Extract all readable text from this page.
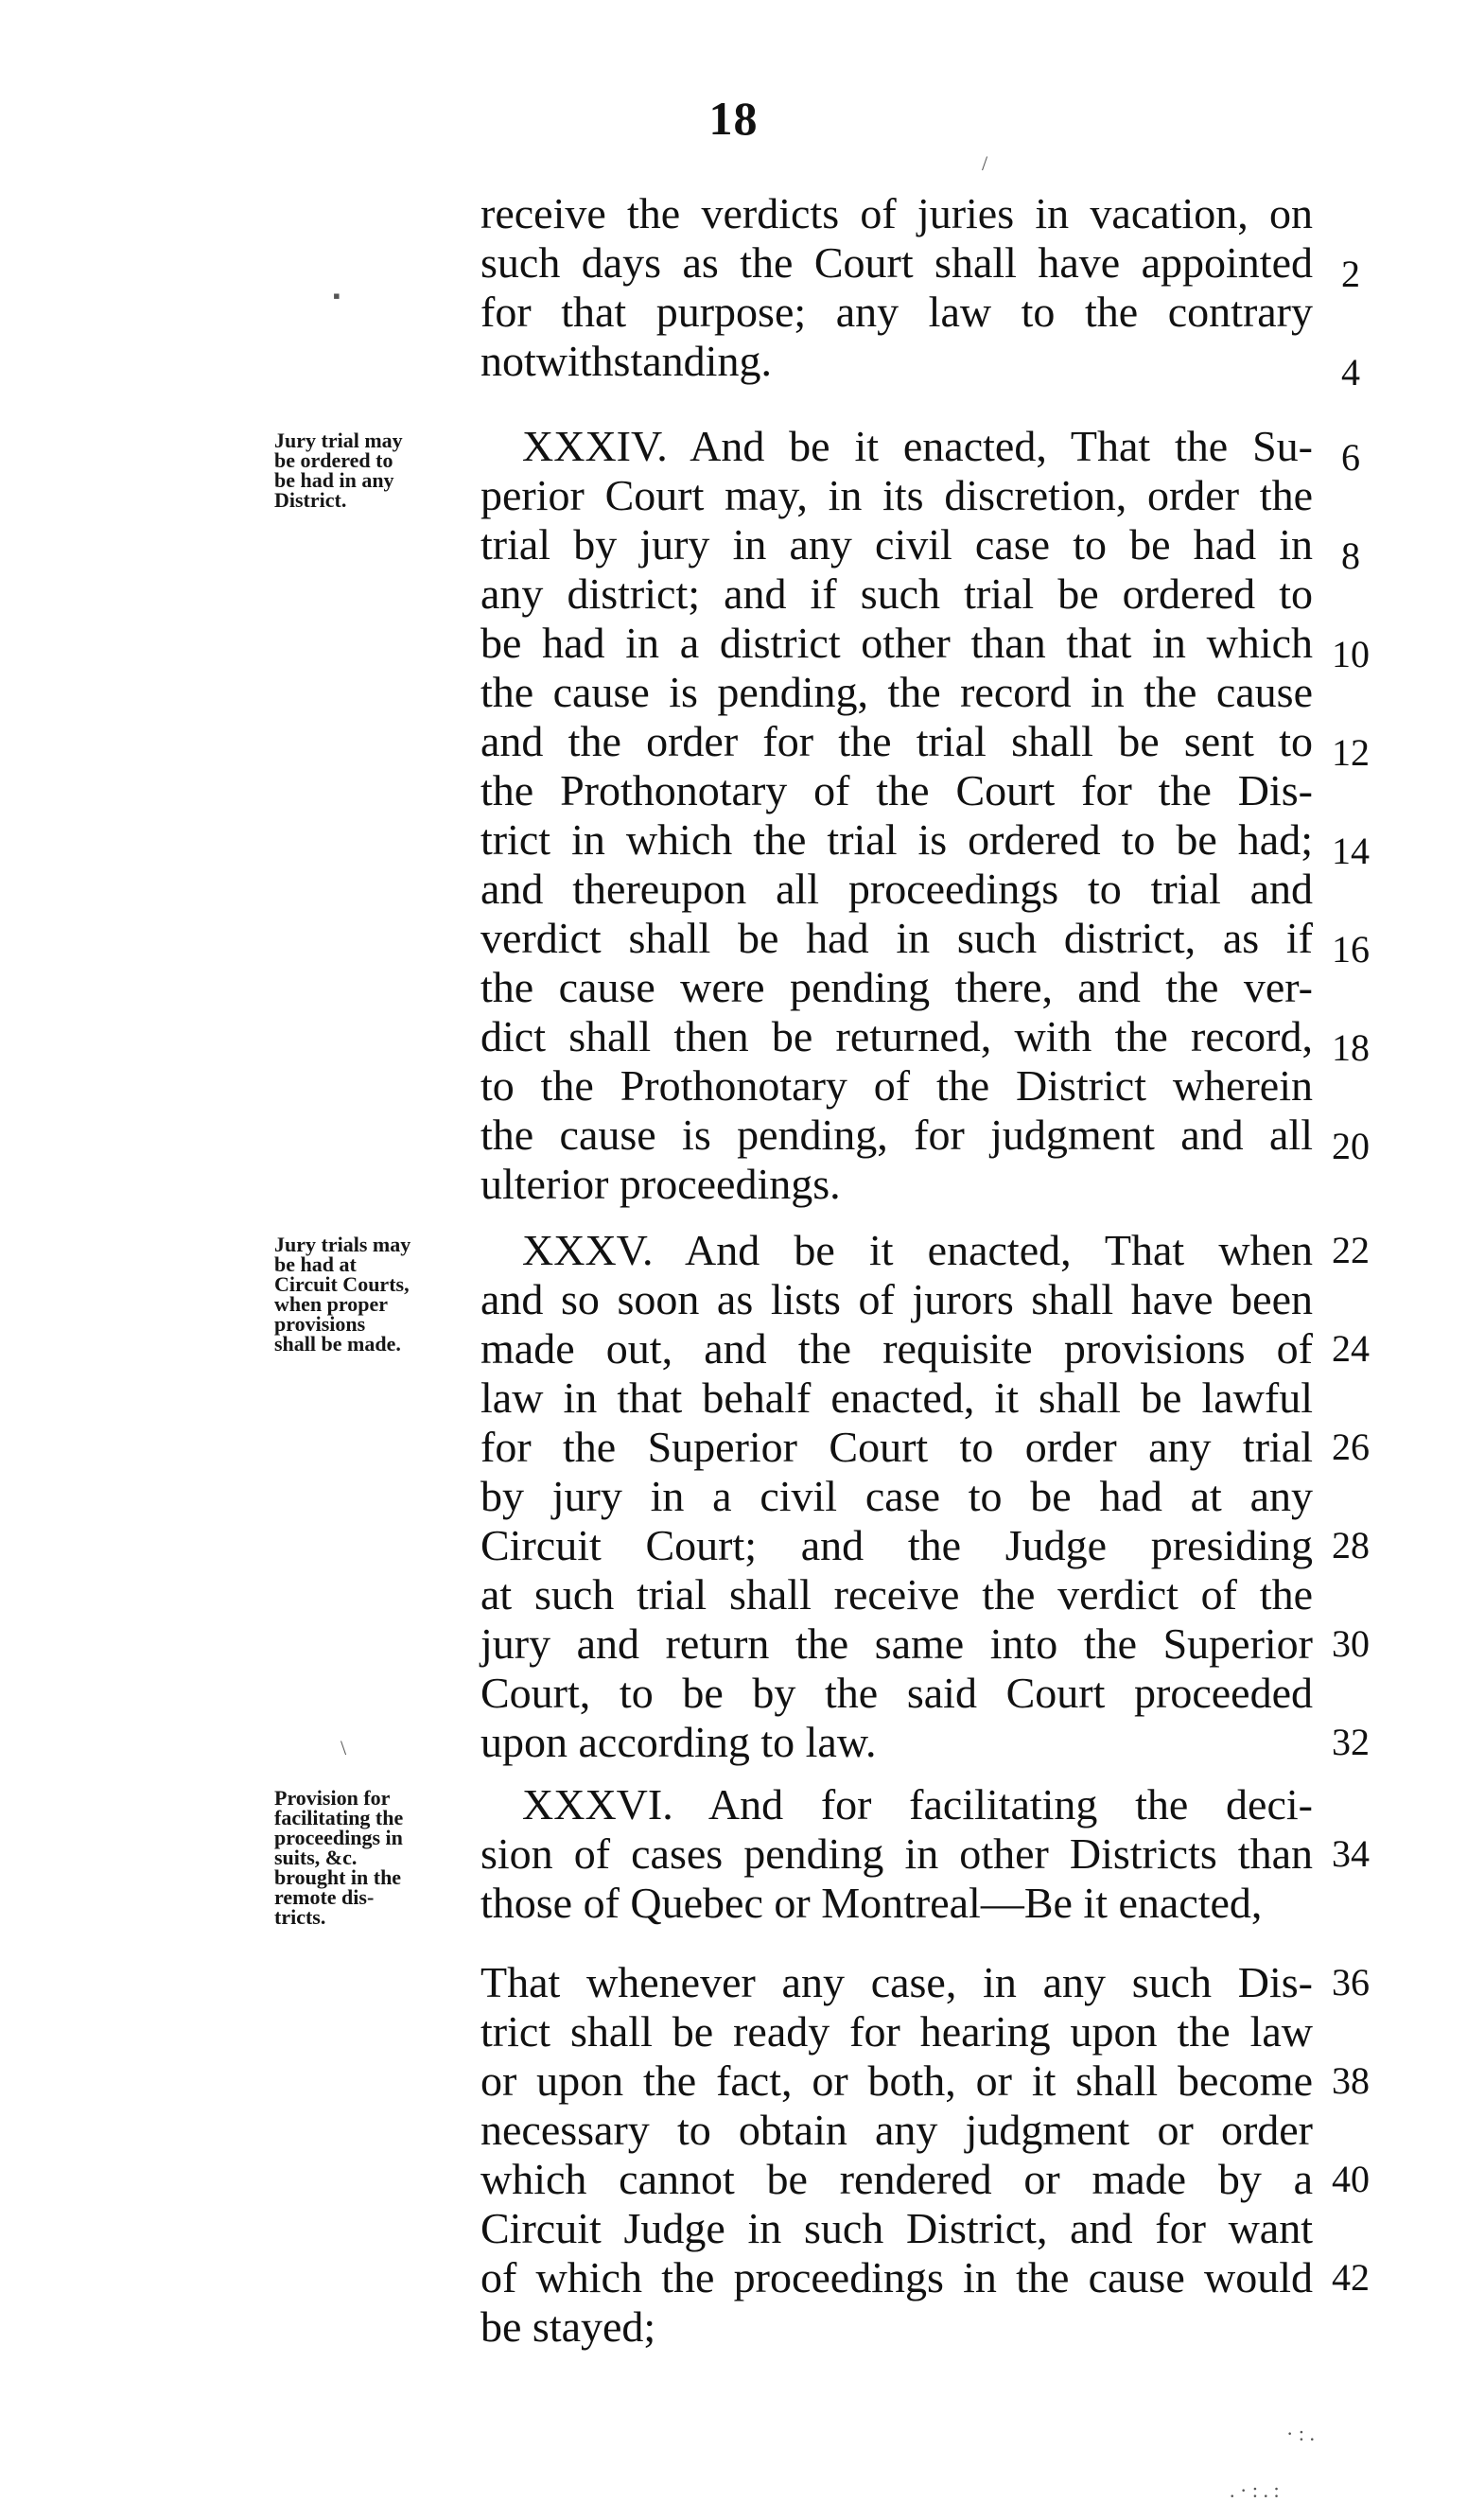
18
receive the verdicts of juries in vacation, on
such days as the Court shall have appointed
for that purpose; any law to the contrary
notwithstanding.
2
4
Jury trial may
be ordered to
be had in any
District.
XXXIV. And be it enacted, That the Su-
perior Court may, in its discretion, order the
trial by jury in any civil case to be had in
any district; and if such trial be ordered to
be had in a district other than that in which
the cause is pending, the record in the cause
and the order for the trial shall be sent to
the Prothonotary of the Court for the Dis-
trict in which the trial is ordered to be had;
and thereupon all proceedings to trial and
verdict shall be had in such district, as if
the cause were pending there, and the ver-
dict shall then be returned, with the record,
to the Prothonotary of the District wherein
the cause is pending, for judgment and all
ulterior proceedings.
6
8
10
12
14
16
18
20
Jury trials may
be had at
Circuit Courts,
when proper
provisions
shall be made.
XXXV. And be it enacted, That when
and so soon as lists of jurors shall have been
made out, and the requisite provisions of
law in that behalf enacted, it shall be lawful
for the Superior Court to order any trial
by jury in a civil case to be had at any
Circuit Court; and the Judge presiding
at such trial shall receive the verdict of the
jury and return the same into the Superior
Court, to be by the said Court proceeded
upon according to law.
22
24
26
28
30
32
Provision for
facilitating the
proceedings in
suits, &c.
brought in the
remote dis-
tricts.
XXXVI. And for facilitating the deci-
sion of cases pending in other Districts than
those of Quebec or Montreal—Be it enacted,
34
That whenever any case, in any such Dis-
trict shall be ready for hearing upon the law
or upon the fact, or both, or it shall become
necessary to obtain any judgment or order
which cannot be rendered or made by a
Circuit Judge in such District, and for want
of which the proceedings in the cause would
be stayed;
36
38
40
42
/
▪
\
· : .
. · : . :
